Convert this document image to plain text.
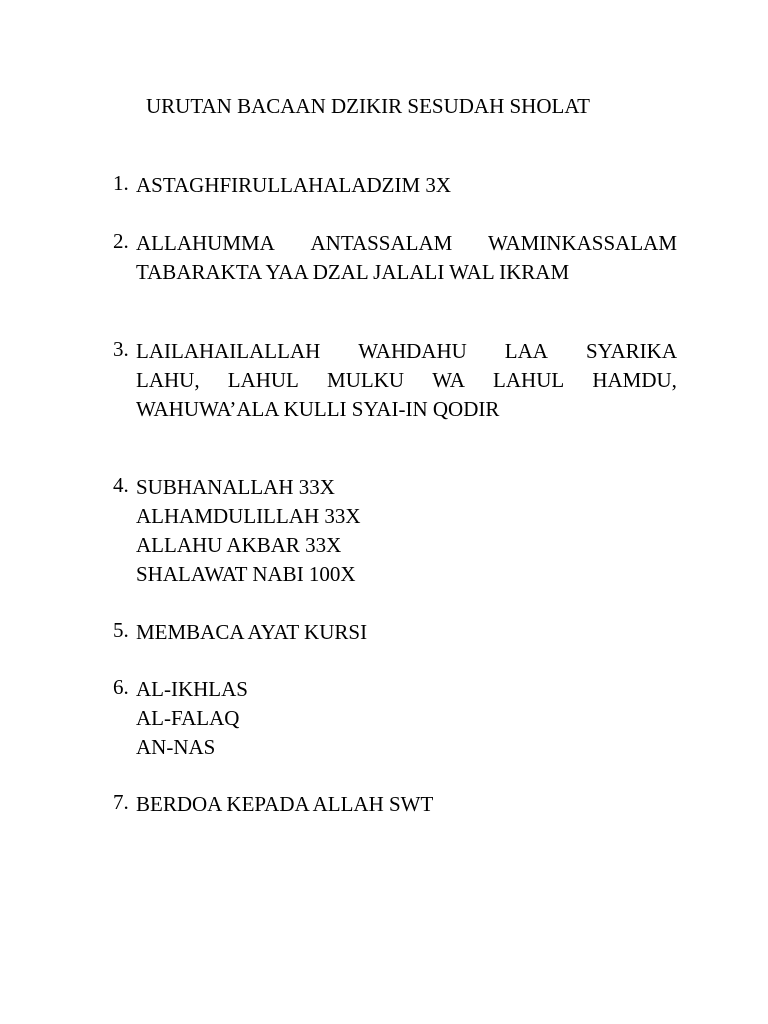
URUTAN BACAAN DZIKIR SESUDAH SHOLAT
1. ASTAGHFIRULLAHALADZIM 3X
2. ALLAHUMMA ANTASSALAM WAMINKASSALAM
TABARAKTA YAA DZAL JALALI WAL IKRAM
3. LAILAHAILALLAH WAHDAHU LAA SYARIKA
LAHU, LAHUL MULKU WA LAHUL HAMDU,
WAHUWA’ALA KULLI SYAI-IN QODIR
4. SUBHANALLAH 33X
ALHAMDULILLAH 33X
ALLAHU AKBAR 33X
SHALAWAT NABI 100X
5. MEMBACA AYAT KURSI
6. AL-IKHLAS
AL-FALAQ
AN-NAS
7. BERDOA KEPADA ALLAH SWT
